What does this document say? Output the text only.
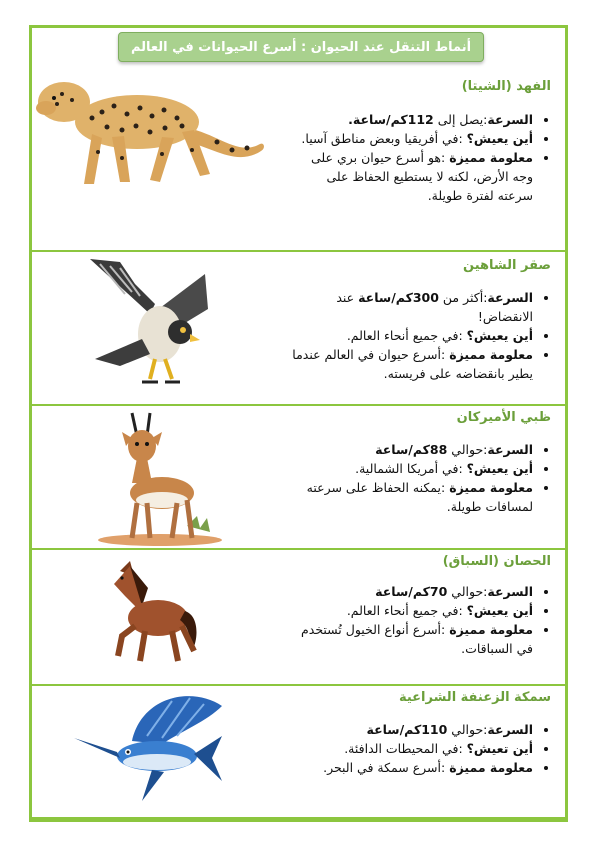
أنماط التنقل عند الحيوان : أسرع الحيوانات في العالم
الفهد (الشيتا)
• السرعة:يصل إلى 112كم/ساعة.
• أين يعيش؟ :في أفريقيا وبعض مناطق آسيا.
• معلومة مميزة :هو أسرع حيوان بري على وجه الأرض، لكنه لا يستطيع الحفاظ على سرعته لفترة طويلة.
صقر الشاهين
• السرعة:أكثر من 300كم/ساعة عند الانقضاض!
• أين يعيش؟ :في جميع أنحاء العالم.
• معلومة مميزة :أسرع حيوان في العالم عندما يطير بانقضاضه على فريسته.
ظبي الأميركان
• السرعة:حوالي 88كم/ساعة
• أين يعيش؟ :في أمريكا الشمالية.
• معلومة مميزة :يمكنه الحفاظ على سرعته لمسافات طويلة.
الحصان (السباق)
• السرعة:حوالي 70كم/ساعة
• أين يعيش؟ :في جميع أنحاء العالم.
• معلومة مميزة :أسرع أنواع الخيول تُستخدم في السباقات.
سمكة الزعنفة الشراعية
• السرعة:حوالي 110كم/ساعة
• أين تعيش؟ :في المحيطات الدافئة.
• معلومة مميزة :أسرع سمكة في البحر.
